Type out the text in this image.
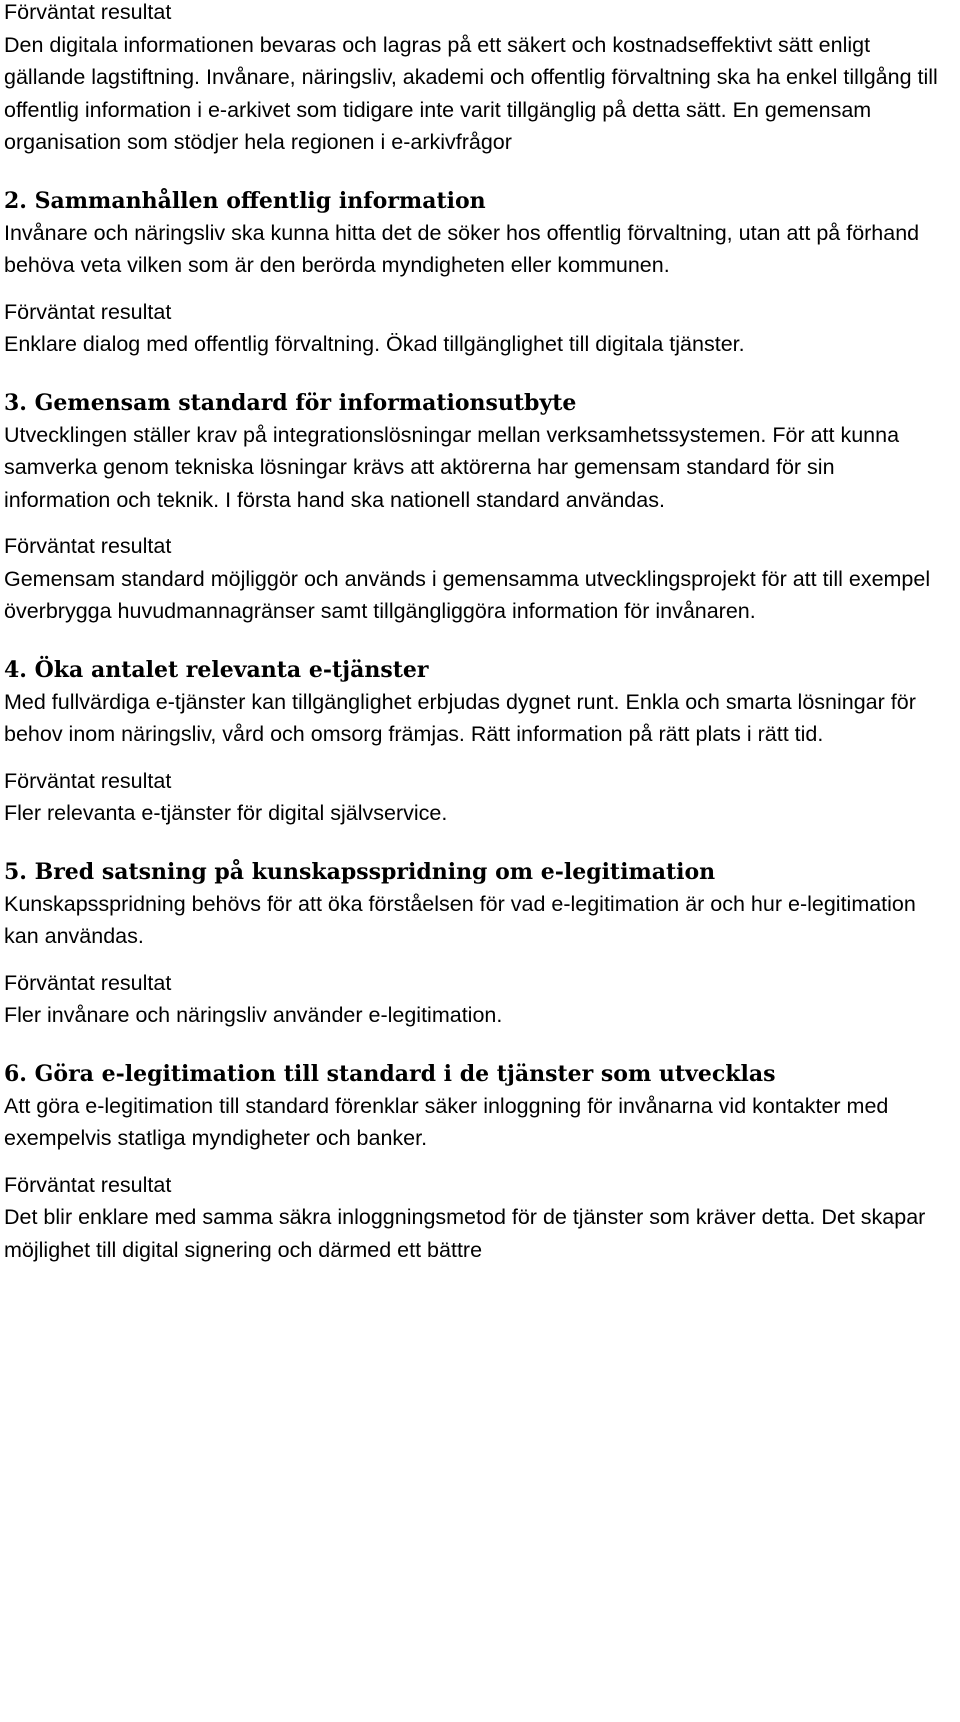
Förväntat resultat

Den digitala informationen bevaras och lagras på ett säkert och kostnadseffektivt sätt enligt gällande lagstiftning. Invånare, näringsliv, akademi och offentlig förvaltning ska ha enkel tillgång till offentlig information i e-arkivet som tidigare inte varit tillgänglig på detta sätt. En gemensam organisation som stödjer hela regionen i e-arkivfrågor

2. Sammanhållen offentlig information

Invånare och näringsliv ska kunna hitta det de söker hos offentlig förvaltning, utan att på förhand behöva veta vilken som är den berörda myndigheten eller kommunen.

Förväntat resultat

Enklare dialog med offentlig förvaltning. Ökad tillgänglighet till digitala tjänster.

3. Gemensam standard för informationsutbyte

Utvecklingen ställer krav på integrationslösningar mellan verksamhetssystemen. För att kunna samverka genom tekniska lösningar krävs att aktörerna har gemensam standard för sin information och teknik. I första hand ska nationell standard användas.

Förväntat resultat

Gemensam standard möjliggör och används i gemensamma utvecklingsprojekt för att till exempel överbrygga huvudmannagränser samt tillgängliggöra information för invånaren.

4. Öka antalet relevanta e-tjänster

Med fullvärdiga e-tjänster kan tillgänglighet erbjudas dygnet runt. Enkla och smarta lösningar för behov inom näringsliv, vård och omsorg främjas. Rätt information på rätt plats i rätt tid.

Förväntat resultat

Fler relevanta e-tjänster för digital självservice.

5. Bred satsning på kunskapsspridning om e-legitimation

Kunskapsspridning behövs för att öka förståelsen för vad e-legitimation är och hur e-legitimation kan användas.

Förväntat resultat

Fler invånare och näringsliv använder e-legitimation.

6. Göra e-legitimation till standard i de tjänster som utvecklas

Att göra e-legitimation till standard förenklar säker inloggning för invånarna vid kontakter med exempelvis statliga myndigheter och banker.

Förväntat resultat

Det blir enklare med samma säkra inloggningsmetod för de tjänster som kräver detta. Det skapar möjlighet till digital signering och därmed ett bättre
